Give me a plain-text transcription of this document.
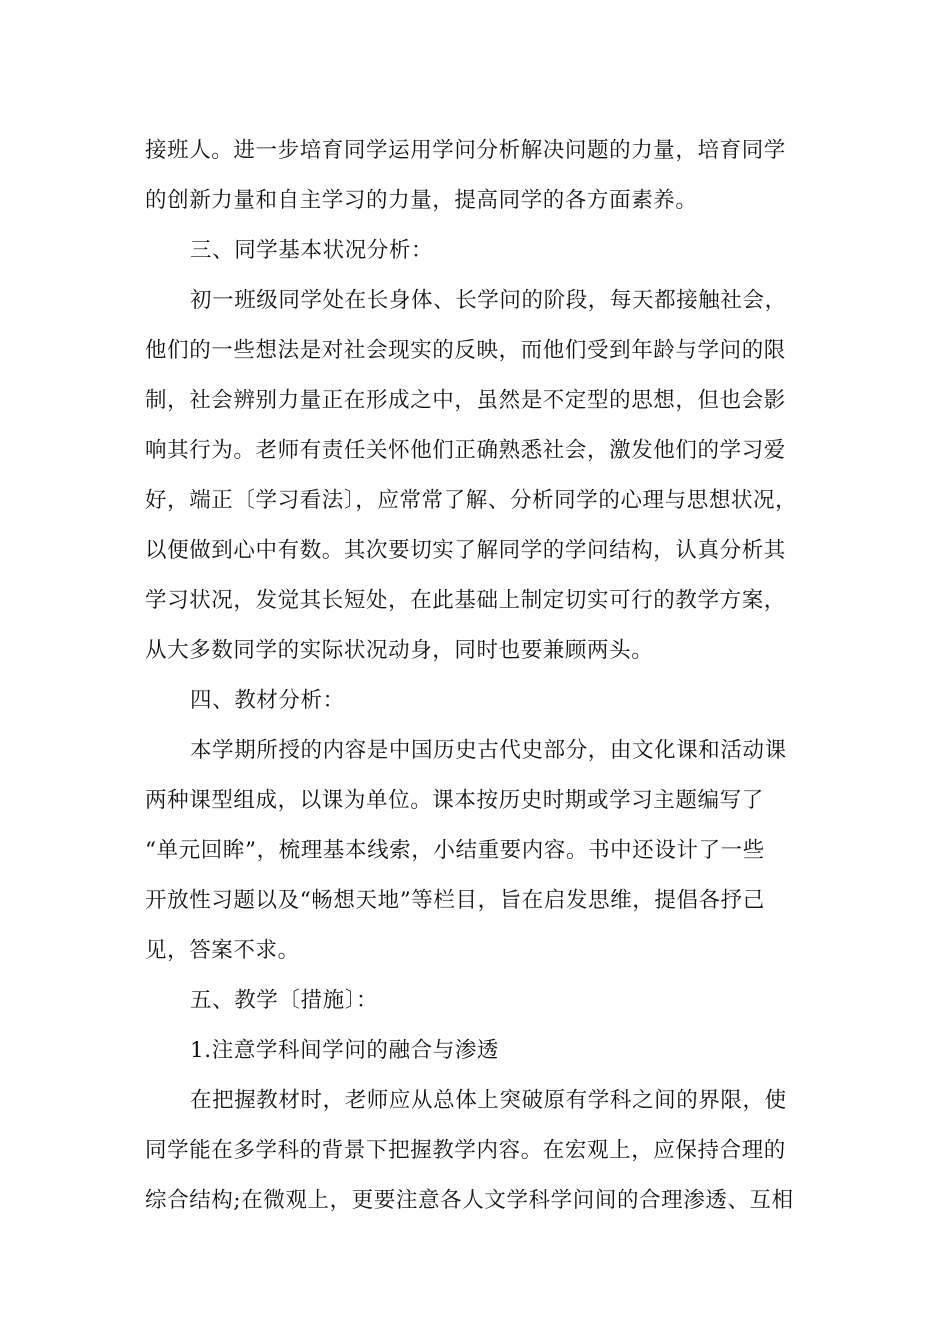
接班人。进一步培育同学运用学问分析解决问题的力量，培育同学
的创新力量和自主学习的力量，提高同学的各方面素养。
三、同学基本状况分析：
初一班级同学处在长身体、长学问的阶段，每天都接触社会，
他们的一些想法是对社会现实的反映，而他们受到年龄与学问的限
制，社会辨别力量正在形成之中，虽然是不定型的思想，但也会影
响其行为。老师有责任关怀他们正确熟悉社会，激发他们的学习爱
好，端正〔学习看法〕，应常常了解、分析同学的心理与思想状况，
以便做到心中有数。其次要切实了解同学的学问结构，认真分析其
学习状况，发觉其长短处，在此基础上制定切实可行的教学方案，
从大多数同学的实际状况动身，同时也要兼顾两头。
四、教材分析：
本学期所授的内容是中国历史古代史部分，由文化课和活动课
两种课型组成，以课为单位。课本按历史时期或学习主题编写了
“单元回眸”，梳理基本线索，小结重要内容。书中还设计了一些
开放性习题以及“畅想天地”等栏目，旨在启发思维，提倡各抒己
见，答案不求。
五、教学〔措施〕：
1.注意学科间学问的融合与渗透
在把握教材时，老师应从总体上突破原有学科之间的界限，使
同学能在多学科的背景下把握教学内容。在宏观上，应保持合理的
综合结构;在微观上，更要注意各人文学科学问间的合理渗透、互相
